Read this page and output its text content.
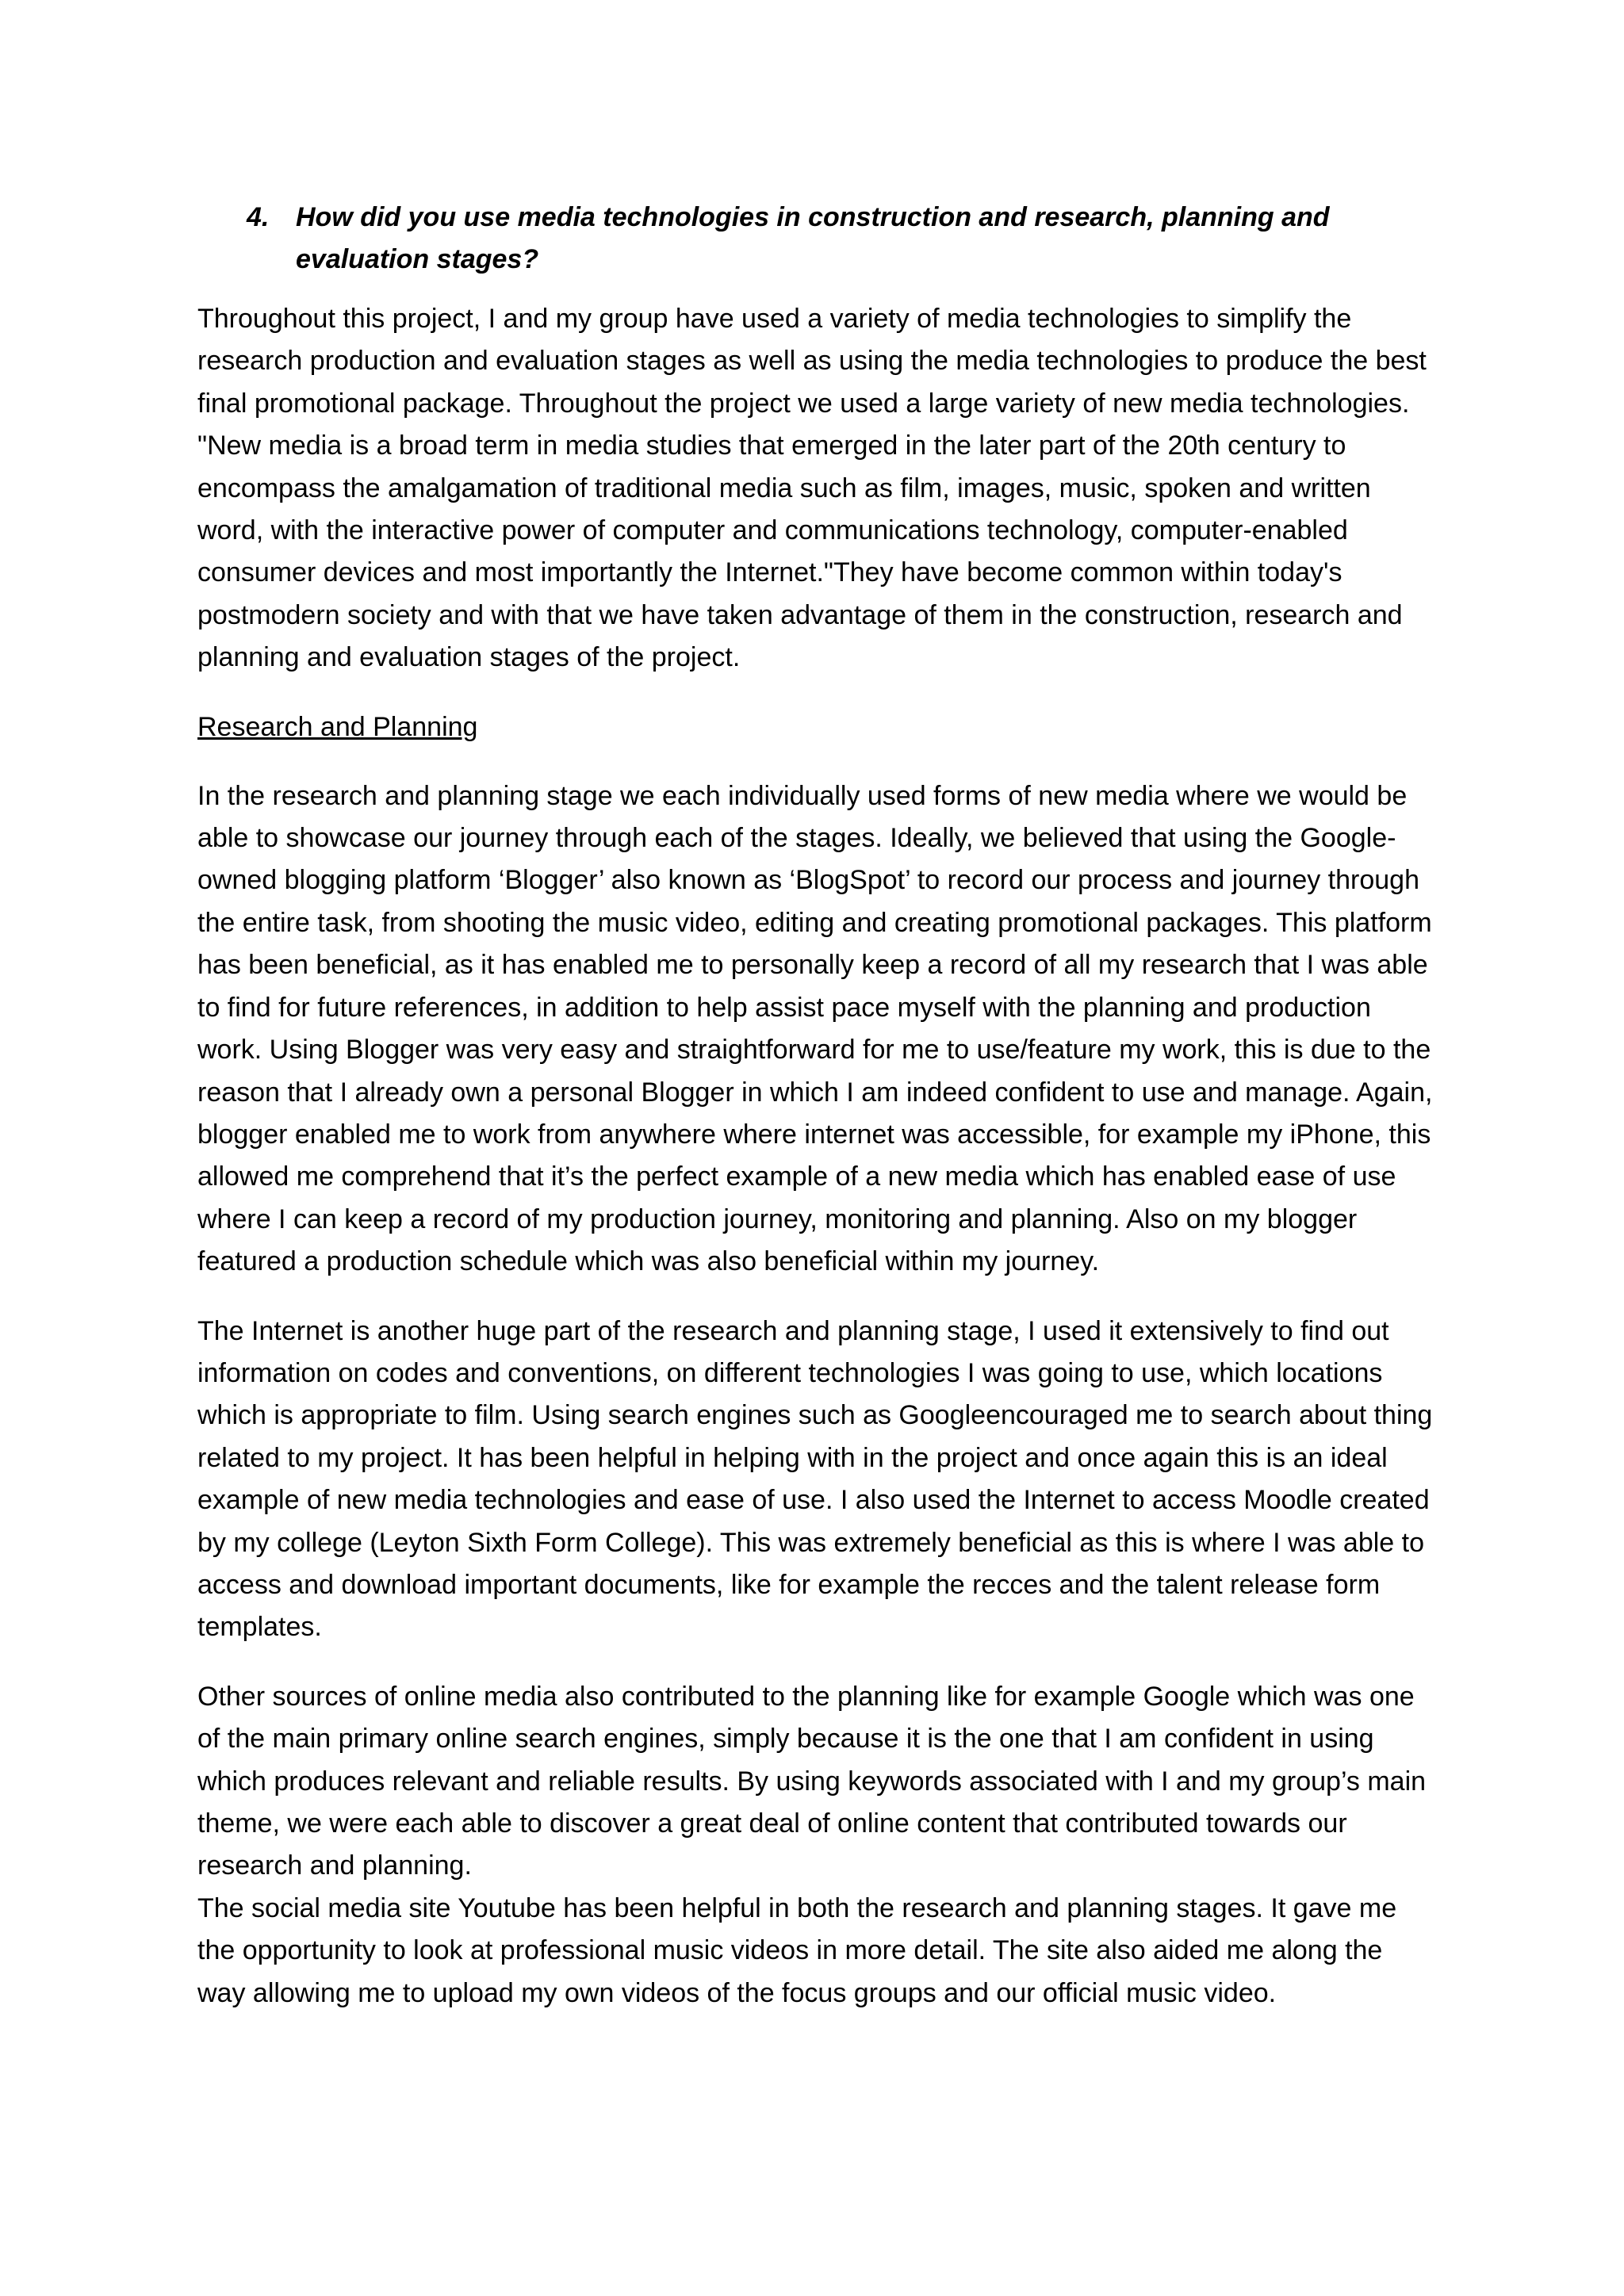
4. How did you use media technologies in construction and research, planning and evaluation stages?

Throughout this project, I and my group have used a variety of media technologies to simplify the research production and evaluation stages as well as using the media technologies to produce the best final promotional package. Throughout the project we used a large variety of new media technologies. "New media is a broad term in media studies that emerged in the later part of the 20th century to encompass the amalgamation of traditional media such as film, images, music, spoken and written word, with the interactive power of computer and communications technology, computer-enabled consumer devices and most importantly the Internet."They have become common within today's postmodern society and with that we have taken advantage of them in the construction, research and planning and evaluation stages of the project.

Research and Planning

In the research and planning stage we each individually used forms of new media where we would be able to showcase our journey through each of the stages. Ideally, we believed that using the Google-owned blogging platform ‘Blogger’ also known as ‘BlogSpot’ to record our process and journey through the entire task, from shooting the music video, editing and creating promotional packages. This platform has been beneficial, as it has enabled me to personally keep a record of all my research that I was able to find for future references, in addition to help assist pace myself with the planning and production work. Using Blogger was very easy and straightforward for me to use/feature my work, this is due to the reason that I already own a personal Blogger in which I am indeed confident to use and manage. Again, blogger enabled me to work from anywhere where internet was accessible, for example my iPhone, this allowed me comprehend that it’s the perfect example of a new media which has enabled ease of use where I can keep a record of my production journey, monitoring and planning. Also on my blogger featured a production schedule which was also beneficial within my journey.

The Internet is another huge part of the research and planning stage, I used it extensively to find out information on codes and conventions, on different technologies I was going to use, which locations which is appropriate to film. Using search engines such as Googleencouraged me to search about thing related to my project. It has been helpful in helping with in the project and once again this is an ideal example of new media technologies and ease of use. I also used the Internet to access Moodle created by my college (Leyton Sixth Form College). This was extremely beneficial as this is where I was able to access and download important documents, like for example the recces and the talent release form templates.

Other sources of online media also contributed to the planning like for example Google which was one of the main primary online search engines, simply because it is the one that I am confident in using which produces relevant and reliable results. By using keywords associated with I and my group’s main theme, we were each able to discover a great deal of online content that contributed towards our research and planning.

The social media site Youtube has been helpful in both the research and planning stages. It gave me the opportunity to look at professional music videos in more detail. The site also aided me along the way allowing me to upload my own videos of the focus groups and our official music video.
